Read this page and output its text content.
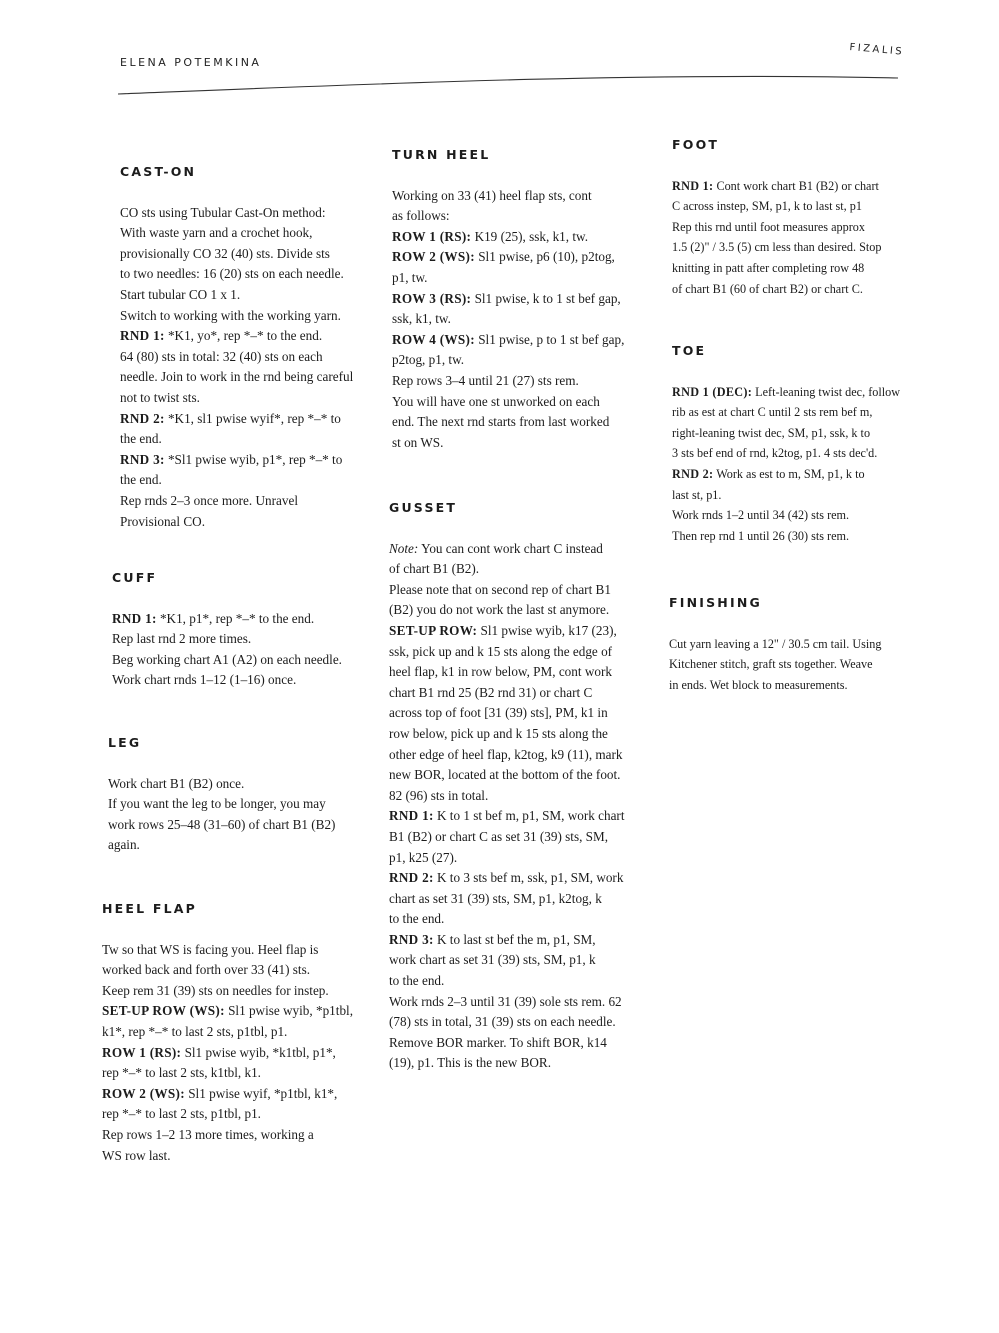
ELENA POTEMKINA
FIZALIS
CAST-ON

CO sts using Tubular Cast-On method:

With waste yarn and a crochet hook,

provisionally CO 32 (40) sts. Divide sts

to two needles: 16 (20) sts on each needle.

Start tubular CO 1 x 1.

Switch to working with the working yarn.

RND 1: *K1, yo*, rep *–* to the end.

64 (80) sts in total: 32 (40) sts on each

needle. Join to work in the rnd being careful

not to twist sts.

RND 2: *K1, sl1 pwise wyif*, rep *–* to

the end.

RND 3: *Sl1 pwise wyib, p1*, rep *–* to

the end.

Rep rnds 2–3 once more. Unravel

Provisional CO.

CUFF

RND 1: *K1, p1*, rep *–* to the end.

Rep last rnd 2 more times.

Beg working chart A1 (A2) on each needle.

Work chart rnds 1–12 (1–16) once.

LEG

Work chart B1 (B2) once.

If you want the leg to be longer, you may

work rows 25–48 (31–60) of chart B1 (B2)

again.

HEEL FLAP

Tw so that WS is facing you. Heel flap is

worked back and forth over 33 (41) sts.

Keep rem 31 (39) sts on needles for instep.

SET-UP ROW (WS): Sl1 pwise wyib, *p1tbl,

k1*, rep *–* to last 2 sts, p1tbl, p1.

ROW 1 (RS): Sl1 pwise wyib, *k1tbl, p1*,

rep *–* to last 2 sts, k1tbl, k1.

ROW 2 (WS): Sl1 pwise wyif, *p1tbl, k1*,

rep *–* to last 2 sts, p1tbl, p1.

Rep rows 1–2 13 more times, working a

WS row last.

TURN HEEL

Working on 33 (41) heel flap sts, cont

as follows:

ROW 1 (RS): K19 (25), ssk, k1, tw.

ROW 2 (WS): Sl1 pwise, p6 (10), p2tog,

p1, tw.

ROW 3 (RS): Sl1 pwise, k to 1 st bef gap,

ssk, k1, tw.

ROW 4 (WS): Sl1 pwise, p to 1 st bef gap,

p2tog, p1, tw.

Rep rows 3–4 until 21 (27) sts rem.

You will have one st unworked on each

end. The next rnd starts from last worked

st on WS.

GUSSET

Note: You can cont work chart C instead

of chart B1 (B2).

Please note that on second rep of chart B1

(B2) you do not work the last st anymore.

SET-UP ROW: Sl1 pwise wyib, k17 (23),

ssk, pick up and k 15 sts along the edge of

heel flap, k1 in row below, PM, cont work

chart B1 rnd 25 (B2 rnd 31) or chart C

across top of foot [31 (39) sts], PM, k1 in

row below, pick up and k 15 sts along the

other edge of heel flap, k2tog, k9 (11), mark

new BOR, located at the bottom of the foot.

82 (96) sts in total.

RND 1: K to 1 st bef m, p1, SM, work chart

B1 (B2) or chart C as set 31 (39) sts, SM,

p1, k25 (27).

RND 2: K to 3 sts bef m, ssk, p1, SM, work

chart as set 31 (39) sts, SM, p1, k2tog, k

to the end.

RND 3: K to last st bef the m, p1, SM,

work chart as set 31 (39) sts, SM, p1, k

to the end.

Work rnds 2–3 until 31 (39) sole sts rem. 62

(78) sts in total, 31 (39) sts on each needle.

Remove BOR marker. To shift BOR, k14

(19), p1. This is the new BOR.

FOOT

RND 1: Cont work chart B1 (B2) or chart

C across instep, SM, p1, k to last st, p1

Rep this rnd until foot measures approx

1.5 (2)" / 3.5 (5) cm less than desired. Stop

knitting in patt after completing row 48

of chart B1 (60 of chart B2) or chart C.

TOE

RND 1 (DEC): Left-leaning twist dec, follow

rib as est at chart C until 2 sts rem bef m,

right-leaning twist dec, SM, p1, ssk, k to

3 sts bef end of rnd, k2tog, p1. 4 sts dec'd.

RND 2: Work as est to m, SM, p1, k to

last st, p1.

Work rnds 1–2 until 34 (42) sts rem.

Then rep rnd 1 until 26 (30) sts rem.

FINISHING

Cut yarn leaving a 12" / 30.5 cm tail. Using

Kitchener stitch, graft sts together. Weave

in ends. Wet block to measurements.
